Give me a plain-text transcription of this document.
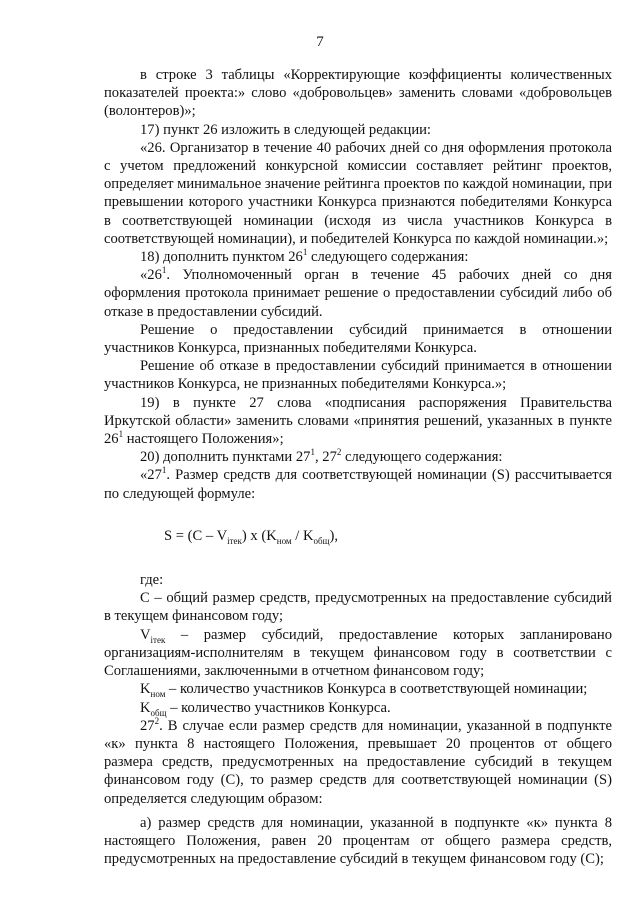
7

в строке 3 таблицы «Корректирующие коэффициенты количественных показателей проекта:» слово «добровольцев» заменить словами «добровольцев (волонтеров)»;

17) пункт 26 изложить в следующей редакции:

«26. Организатор в течение 40 рабочих дней со дня оформления протокола с учетом предложений конкурсной комиссии составляет рейтинг проектов, определяет минимальное значение рейтинга проектов по каждой номинации, при превышении которого участники Конкурса признаются победителями Конкурса в соответствующей номинации (исходя из числа участников Конкурса в соответствующей номинации), и победителей Конкурса по каждой номинации.»;

18) дополнить пунктом $26^1$ следующего содержания:

«$26^1$. Уполномоченный орган в течение 45 рабочих дней со дня оформления протокола принимает решение о предоставлении субсидий либо об отказе в предоставлении субсидий.

Решение о предоставлении субсидий принимается в отношении участников Конкурса, признанных победителями Конкурса.

Решение об отказе в предоставлении субсидий принимается в отношении участников Конкурса, не признанных победителями Конкурса.»;

19) в пункте 27 слова «подписания распоряжения Правительства Иркутской области» заменить словами «принятия решений, указанных в пункте $26^1$ настоящего Положения»;

20) дополнить пунктами $27^1$, $27^2$ следующего содержания:

«$27^1$. Размер средств для соответствующей номинации (S) рассчитывается по следующей формуле:

$S = (C - V_{iтек})$ х $(K_{ном} / K_{общ})$,

где:

С – общий размер средств, предусмотренных на предоставление субсидий в текущем финансовом году;

$V_{iтек}$ – размер субсидий, предоставление которых запланировано организациям-исполнителям в текущем финансовом году в соответствии с Соглашениями, заключенными в отчетном финансовом году;

$K_{ном}$ – количество участников Конкурса в соответствующей номинации;

$K_{общ}$ – количество участников Конкурса.

$27^2$. В случае если размер средств для номинации, указанной в подпункте «к» пункта 8 настоящего Положения, превышает 20 процентов от общего размера средств, предусмотренных на предоставление субсидий в текущем финансовом году (С), то размер средств для соответствующей номинации (S) определяется следующим образом:

а) размер средств для номинации, указанной в подпункте «к» пункта 8 настоящего Положения, равен 20 процентам от общего размера средств, предусмотренных на предоставление субсидий в текущем финансовом году (С);
